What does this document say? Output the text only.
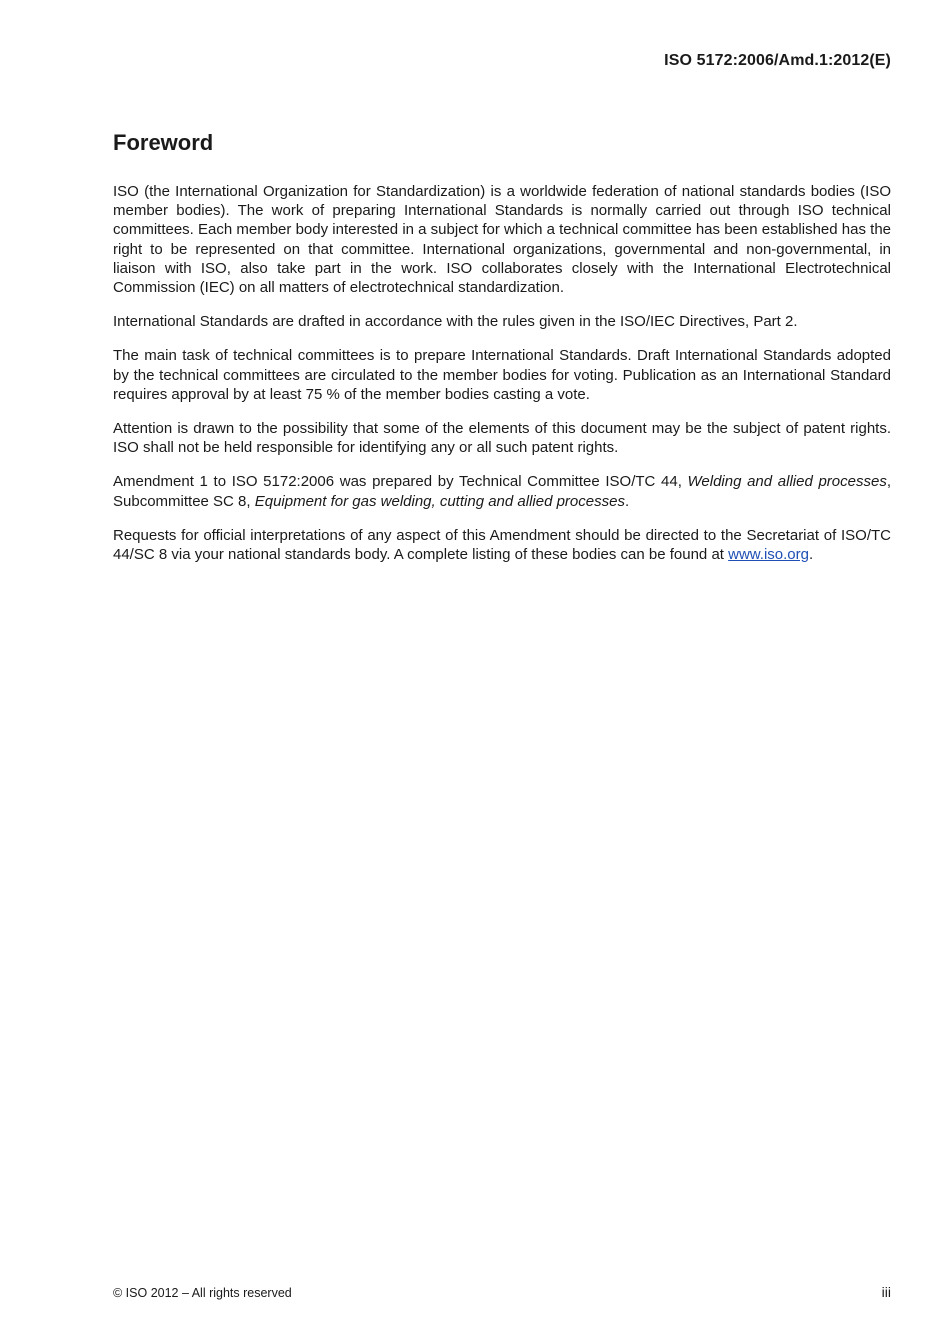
ISO 5172:2006/Amd.1:2012(E)
Foreword

ISO (the International Organization for Standardization) is a worldwide federation of national standards bodies (ISO member bodies). The work of preparing International Standards is normally carried out through ISO technical committees. Each member body interested in a subject for which a technical committee has been established has the right to be represented on that committee. International organizations, governmental and non-governmental, in liaison with ISO, also take part in the work. ISO collaborates closely with the International Electrotechnical Commission (IEC) on all matters of electrotechnical standardization.

International Standards are drafted in accordance with the rules given in the ISO/IEC Directives, Part 2.

The main task of technical committees is to prepare International Standards. Draft International Standards adopted by the technical committees are circulated to the member bodies for voting. Publication as an International Standard requires approval by at least 75 % of the member bodies casting a vote.

Attention is drawn to the possibility that some of the elements of this document may be the subject of patent rights. ISO shall not be held responsible for identifying any or all such patent rights.

Amendment 1 to ISO 5172:2006 was prepared by Technical Committee ISO/TC 44, Welding and allied processes, Subcommittee SC 8, Equipment for gas welding, cutting and allied processes.

Requests for official interpretations of any aspect of this Amendment should be directed to the Secretariat of ISO/TC 44/SC 8 via your national standards body. A complete listing of these bodies can be found at www.iso.org.

© ISO 2012 – All rights reserved	iii
